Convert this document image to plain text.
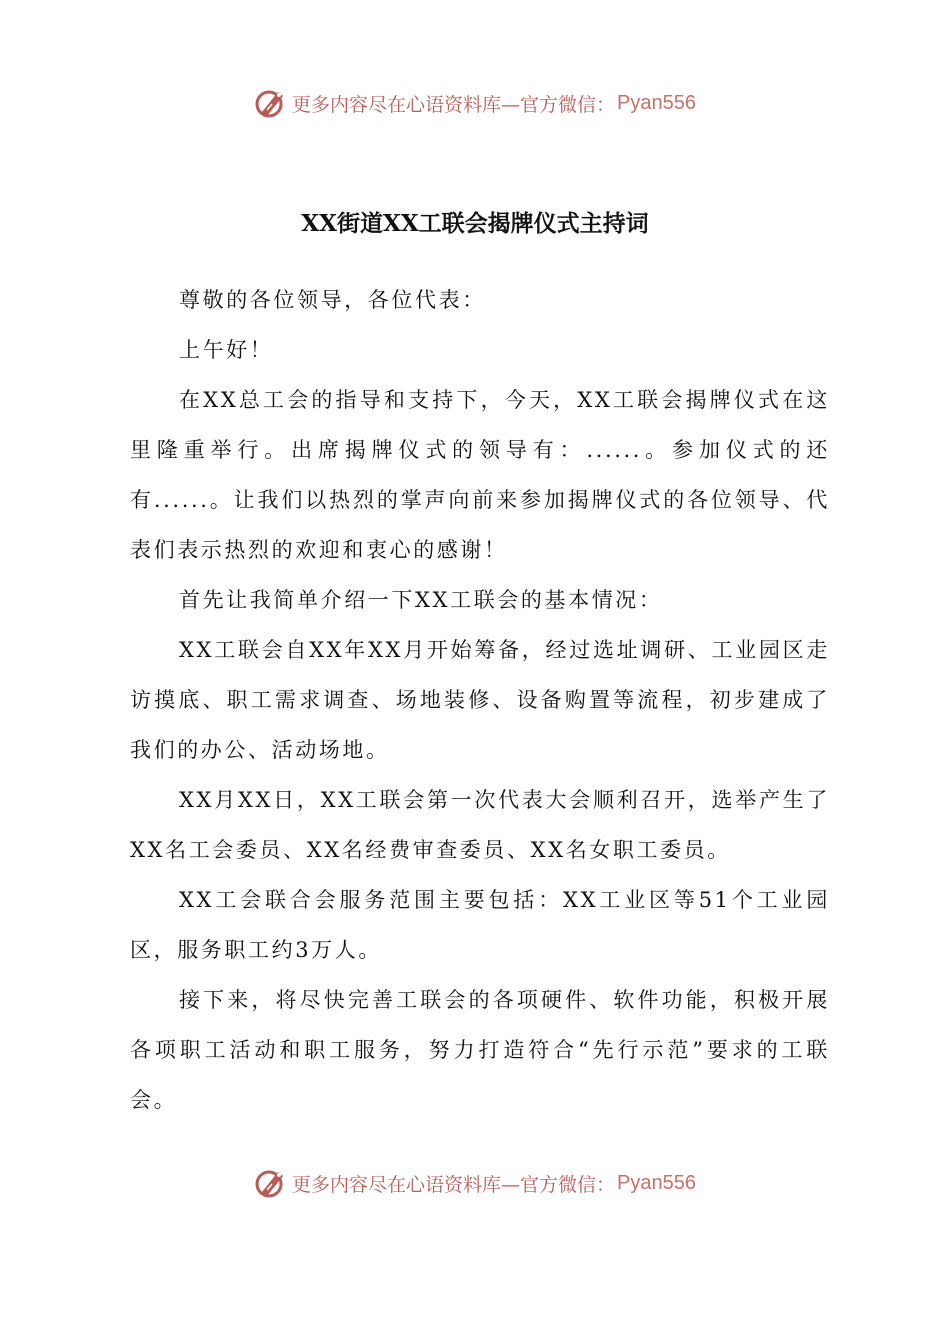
更多内容尽在心语资料库—官方微信： Pyan556
XX街道XX工联会揭牌仪式主持词

尊敬的各位领导，各位代表：

上午好！

在XX总工会的指导和支持下，今天，XX工联会揭牌仪式在这里隆重举行。出席揭牌仪式的领导有：......。参加仪式的还有......。让我们以热烈的掌声向前来参加揭牌仪式的各位领导、代表们表示热烈的欢迎和衷心的感谢！

首先让我简单介绍一下XX工联会的基本情况：

XX工联会自XX年XX月开始筹备，经过选址调研、工业园区走访摸底、职工需求调查、场地装修、设备购置等流程，初步建成了我们的办公、活动场地。

XX月XX日，XX工联会第一次代表大会顺利召开，选举产生了XX名工会委员、XX名经费审查委员、XX名女职工委员。

XX工会联合会服务范围主要包括：XX工业区等51个工业园区，服务职工约3万人。

接下来，将尽快完善工联会的各项硬件、软件功能，积极开展各项职工活动和职工服务，努力打造符合“先行示范”要求的工联会。

更多内容尽在心语资料库—官方微信： Pyan556
